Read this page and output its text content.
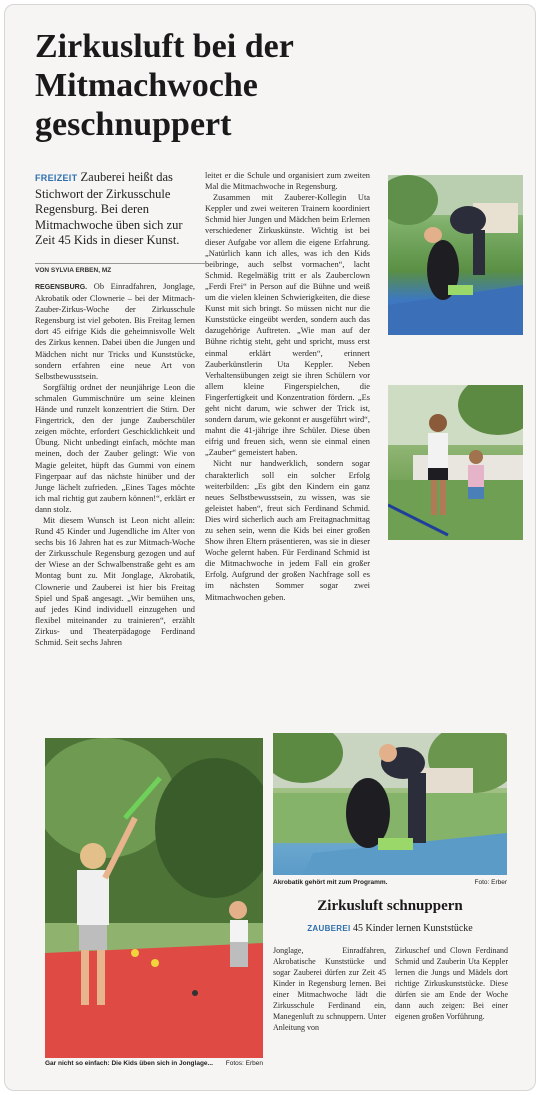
Zirkusluft bei der Mitmachwoche geschnuppert
FREIZEIT Zauberei heißt das Stichwort der Zirkusschule Regensburg. Bei deren Mitmachwoche üben sich zur Zeit 45 Kids in dieser Kunst.
VON SYLVIA ERBEN, MZ

REGENSBURG. Ob Einradfahren, Jonglage, Akrobatik oder Clownerie – bei der Mitmach-Zauber-Zirkus-Woche der Zirkusschule Regensburg ist viel geboten. Bis Freitag lernen dort 45 eifrige Kids die geheimnisvolle Welt des Zirkus kennen. Dabei üben die Jungen und Mädchen nicht nur Tricks und Kunststücke, sondern erfahren eine neue Art von Selbstbewusstsein.

Sorgfältig ordnet der neunjährige Leon die schmalen Gummischnüre um seine kleinen Hände und runzelt konzentriert die Stirn. Der Fingertrick, den der junge Zauberschüler zeigen möchte, erfordert Geschicklichkeit und Übung. Nicht unbedingt einfach, möchte man meinen, doch der Zauber gelingt: Wie von Magie geleitet, hüpft das Gummi von einem Fingerpaar auf das nächste hinüber und der Junge lächelt zufrieden. „Eines Tages möchte ich mal richtig gut zaubern können!“, erklärt er dann stolz.

Mit diesem Wunsch ist Leon nicht allein: Rund 45 Kinder und Jugendliche im Alter von sechs bis 16 Jahren hat es zur Mitmach-Woche der Zirkusschule Regensburg gezogen und auf der Wiese an der Schwalbenstraße geht es am Montag bunt zu. Mit Jonglage, Akrobatik, Clownerie und Zauberei ist hier bis Freitag Spiel und Spaß angesagt. „Wir bemühen uns, auf jedes Kind individuell einzugehen und flexibel miteinander zu trainieren“, erzählt Zirkus- und Theaterpädagoge Ferdinand Schmid. Seit sechs Jahren

leitet er die Schule und organisiert zum zweiten Mal die Mitmachwoche in Regensburg.

Zusammen mit Zauberer-Kollegin Uta Keppler und zwei weiteren Trainern koordiniert Schmid hier Jungen und Mädchen beim Erlernen verschiedener Zirkuskünste. Wichtig ist bei dieser Aufgabe vor allem die eigene Erfahrung. „Natürlich kann ich alles, was ich den Kids beibringe, auch selbst vormachen“, lacht Schmid. Regelmäßig tritt er als Zauberclown „Ferdi Frei“ in Person auf die Bühne und weiß um die vielen kleinen Schwierigkeiten, die diese Kunst mit sich bringt. So müssen nicht nur die Kunststücke eingeübt werden, sondern auch das dazugehörige Auftreten. „Wie man auf der Bühne richtig steht, geht und spricht, muss erst einmal erklärt werden“, erinnert Zauberkünstlerin Uta Keppler. Neben Verhaltensübungen zeigt sie ihren Schülern vor allem kleine Fingerspielchen, die Fingerfertigkeit und Konzentration fördern. „Es geht nicht darum, wie schwer der Trick ist, sondern darum, wie gekonnt er ausgeführt wird“, mahnt die 41-jährige ihre Schüler. Diese üben eifrig und freuen sich, wenn sie einmal einen „Zauber“ gemeistert haben.

Nicht nur handwerklich, sondern sogar charakterlich soll ein solcher Erfolg weiterbilden: „Es gibt den Kindern ein ganz neues Selbstbewusstsein, zu wissen, was sie geleistet haben“, freut sich Ferdinand Schmid. Dies wird sicherlich auch am Freitagnachmittag zu sehen sein, wenn die Kids bei einer großen Show ihren Eltern präsentieren, was sie in dieser Woche gelernt haben. Für Ferdinand Schmid ist die Mitmachwoche in jedem Fall ein großer Erfolg. Aufgrund der großen Nachfrage soll es im nächsten Sommer sogar zwei Mitmachwochen geben.

Gar nicht so einfach: Die Kids üben sich in Jonglage... Fotos: Erben
Akrobatik gehört mit zum Programm.	Foto: Erber
Zirkusluft schnuppern
ZAUBEREI 45 Kinder lernen Kunststücke
Jonglage, Einradfahren, Akrobatische Kunststücke und sogar Zauberei dürfen zur Zeit 45 Kinder in Regensburg lernen. Bei einer Mitmachwoche lädt die Zirkusschule Ferdinand ein, Manegenluft zu schnuppern. Unter Anleitung von
Zirkuschef und Clown Ferdinand Schmid und Zauberin Uta Keppler lernen die Jungs und Mädels dort richtige Zirkuskunststücke. Diese dürfen sie am Ende der Woche dann auch zeigen: Bei einer eigenen großen Vorführung.
